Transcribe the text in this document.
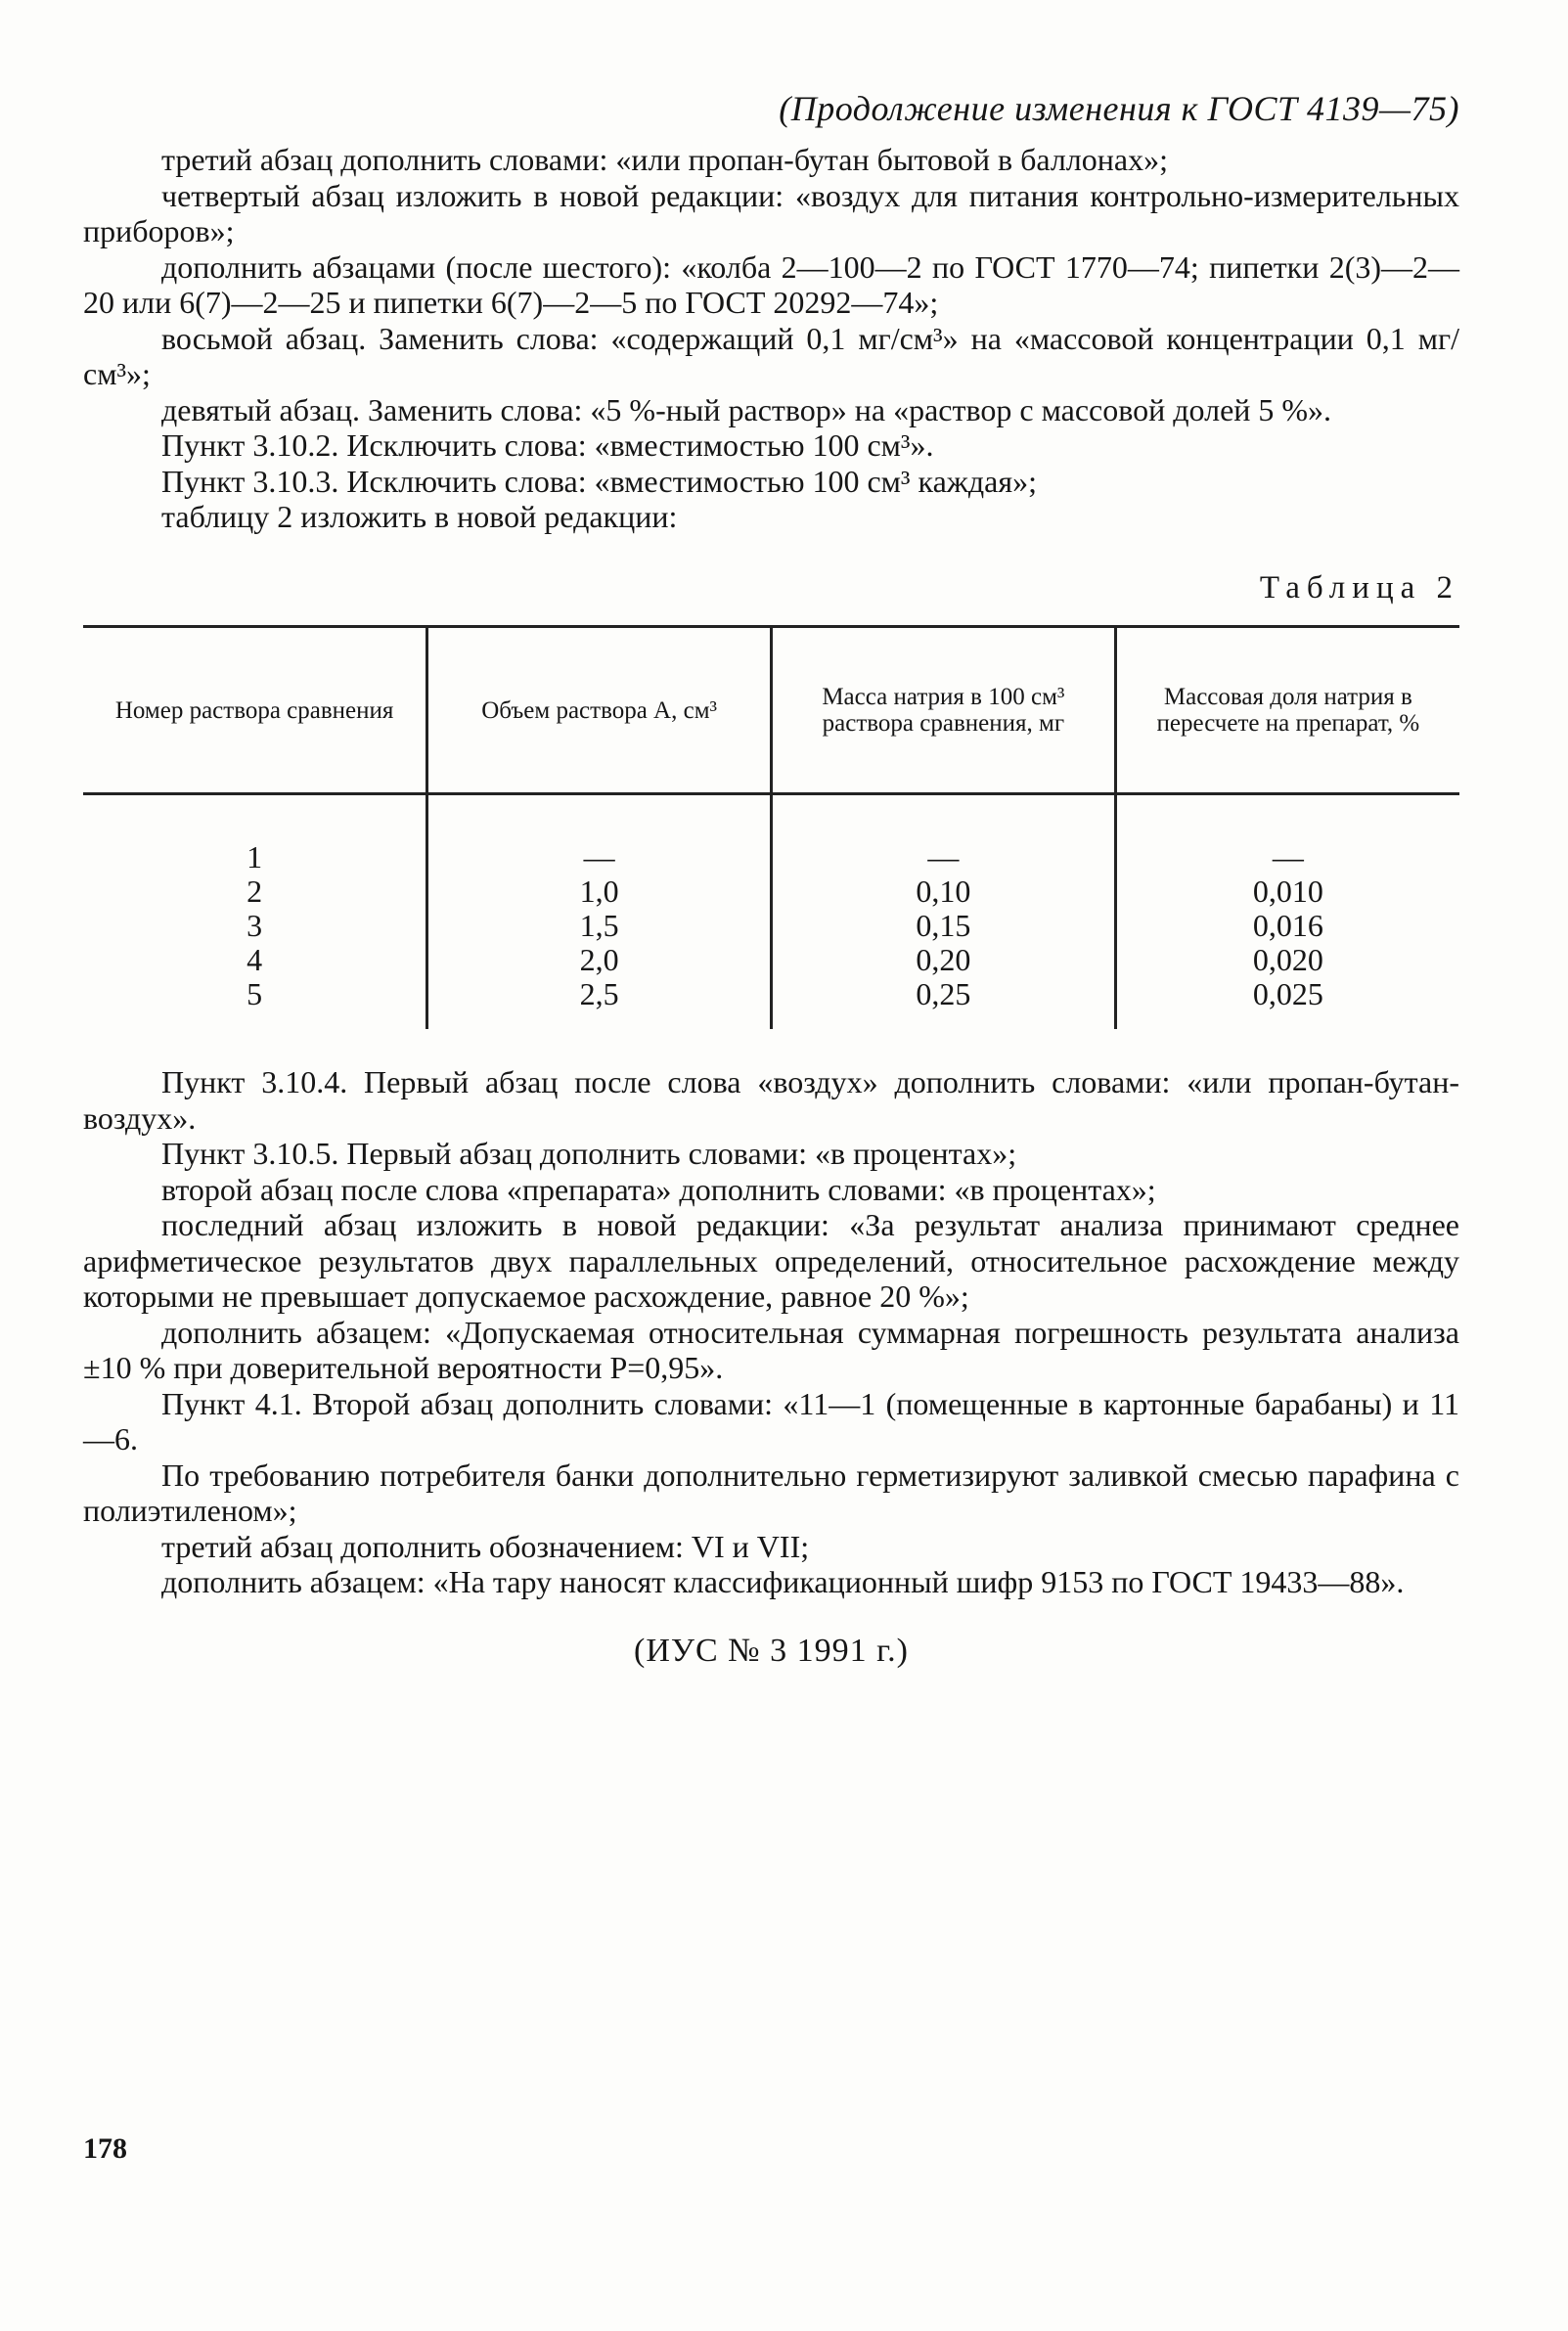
(Продолжение изменения к ГОСТ 4139—75)

третий абзац дополнить словами: «или пропан-бутан бытовой в баллонах»;

четвертый абзац изложить в новой редакции: «воздух для питания контрольно-измерительных приборов»;

дополнить абзацами (после шестого): «колба 2—100—2 по ГОСТ 1770—74; пипетки 2(3)—2—20 или 6(7)—2—25 и пипетки 6(7)—2—5 по ГОСТ 20292—74»;

восьмой абзац. Заменить слова: «содержащий 0,1 мг/см³» на «массовой концентрации 0,1 мг/см³»;

девятый абзац. Заменить слова: «5 %-ный раствор» на «раствор с массовой долей 5 %».

Пункт 3.10.2. Исключить слова: «вместимостью 100 см³».

Пункт 3.10.3. Исключить слова: «вместимостью 100 см³ каждая»;

таблицу 2 изложить в новой редакции:

Таблица 2
Номер раствора сравнения	Объем раствора A, см³	Масса натрия в 100 см³ раствора сравнения, мг	Массовая доля натрия в пересчете на препарат, %
1	—	—	—
2	1,0	0,10	0,010
3	1,5	0,15	0,016
4	2,0	0,20	0,020
5	2,5	0,25	0,025

Пункт 3.10.4. Первый абзац после слова «воздух» дополнить словами: «или пропан-бутан-воздух».

Пункт 3.10.5. Первый абзац дополнить словами: «в процентах»;

второй абзац после слова «препарата» дополнить словами: «в процентах»;

последний абзац изложить в новой редакции: «За результат анализа принимают среднее арифметическое результатов двух параллельных определений, относительное расхождение между которыми не превышает допускаемое расхождение, равное 20 %»;

дополнить абзацем: «Допускаемая относительная суммарная погрешность результата анализа ±10 % при доверительной вероятности P=0,95».

Пункт 4.1. Второй абзац дополнить словами: «11—1 (помещенные в картонные барабаны) и 11—6.

По требованию потребителя банки дополнительно герметизируют заливкой смесью парафина с полиэтиленом»;

третий абзац дополнить обозначением: VI и VII;

дополнить абзацем: «На тару наносят классификационный шифр 9153 по ГОСТ 19433—88».

(ИУС № 3 1991 г.)
178
